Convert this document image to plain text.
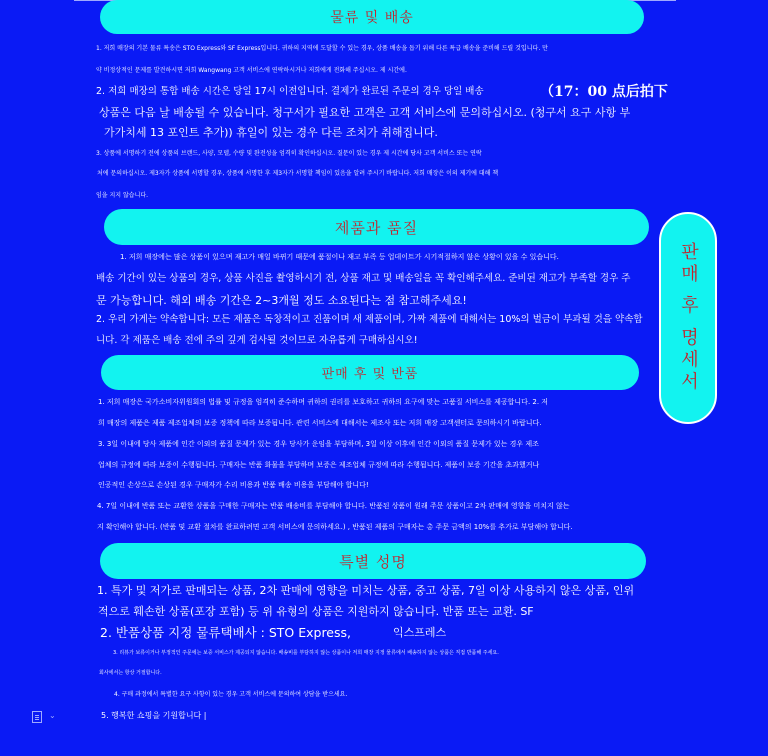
물류 및 배송
1. 저희 매장의 기본 물류 특송은 STO Express와 SF Express입니다. 귀하의 지역에 도달할 수 있는 경우, 상품 배송을 돕기 위해 다른 특급 배송을 준비해 드릴 것입니다. 만
약 비정상적인 문제를 발견하시면 저희 Wangwang 고객 서비스에 연락하시거나 저희에게 전화해 주십시오. 제 시간에.
2. 저희 매장의 통합 배송 시간은 당일 17시 이전입니다. 결제가 완료된 주문의 경우 당일 배송	（17：00 点后拍下
상품은 다음 날 배송될 수 있습니다. 청구서가 필요한 고객은 고객 서비스에 문의하십시오. (청구서 요구 사항 부
가가치세 13 포인트 추가)) 휴일이 있는 경우 다른 조치가 취해집니다.
3. 상품에 서명하기 전에 상품의 브랜드, 사양, 모델, 수량 및 완전성을 엄격히 확인하십시오. 질문이 있는 경우 제 시간에 당사 고객 서비스 또는 연락
처에 문의하십시오. 제3자가 상품에 서명할 경우, 상품에 서명한 후 제3자가 서명할 책임이 있음을 알려 주시기 바랍니다. 저희 매장은 이의 제기에 대해 책
임을 지지 않습니다.
제품과 품질
1. 저희 매장에는 많은 상품이 있으며 재고가 매일 바뀌기 때문에 품절이나 재고 부족 등 업데이트가 시기적절하지 않은 상황이 있을 수 있습니다.
배송 기간이 있는 상품의 경우, 상품 사진을 촬영하시기 전, 상품 재고 및 배송일을 꼭 확인해주세요. 준비된 재고가 부족할 경우 주
문 가능합니다. 해외 배송 기간은 2~3개월 정도 소요된다는 점 참고해주세요!
2. 우리 가게는 약속합니다: 모든 제품은 독창적이고 진품이며 새 제품이며, 가짜 제품에 대해서는 10%의 벌금이 부과될 것을 약속합
니다. 각 제품은 배송 전에 주의 깊게 검사될 것이므로 자유롭게 구매하십시오!	판매 후 명세서
판매 후 및 반품
1. 저희 매장은 국가소비자위원회의 법률 및 규정을 엄격히 준수하며 귀하의 권리를 보호하고 귀하의 요구에 맞는 고품질 서비스를 제공합니다. 2. 저
희 매장의 제품은 제품 제조업체의 보증 정책에 따라 보증됩니다. 관련 서비스에 대해서는 제조사 또는 저희 매장 고객센터로 문의하시기 바랍니다.
3. 3일 이내에 당사 제품에 인간 이외의 품질 문제가 있는 경우 당사가 운임을 부담하며, 3일 이상 이후에 인간 이외의 품질 문제가 있는 경우 제조
업체의 규정에 따라 보증이 수행됩니다. 구매자는 반품 화물을 부담하며 보증은 제조업체 규정에 따라 수행됩니다. 제품이 보증 기간을 초과했거나
인공적인 손상으로 손상된 경우 구매자가 수리 비용과 반품 배송 비용을 부담해야 합니다!
4. 7일 이내에 반품 또는 교환한 상품을 구매한 구매자는 반품 배송비를 부담해야 합니다. 반품된 상품이 원래 주문 상품이고 2차 판매에 영향을 미치지 않는
지 확인해야 합니다. (반품 및 교환 절차를 완료하려면 고객 서비스에 문의하세요.) , 반품된 제품의 구매자는 총 주문 금액의 10%를 추가로 부담해야 합니다.
특별 성명
1. 특가 및 저가로 판매되는 상품, 2차 판매에 영향을 미치는 상품, 중고 상품, 7일 이상 사용하지 않은 상품, 인위
적으로 훼손한 상품(포장 포함) 등 위 유형의 상품은 지원하지 않습니다. 반품 또는 교환. SF
2. 반품상품 지정 물류택배사 : STO Express,	익스프레스
3. 리뷰가 보류이거나 부정적인 주문에는 보증 서비스가 제공되지 않습니다. 배송비를 부담하지 않는 상품이나 저희 매장 지정 물류에서 배송하지 않는 상품은 직접 반품해 주세요.
회사에서는 항상 거절합니다.
4. 구매 과정에서 특별한 요구 사항이 있는 경우 고객 서비스에 문의하여 상담을 받으세요.
5. 행복한 쇼핑을 기원합니다 |
⌄
